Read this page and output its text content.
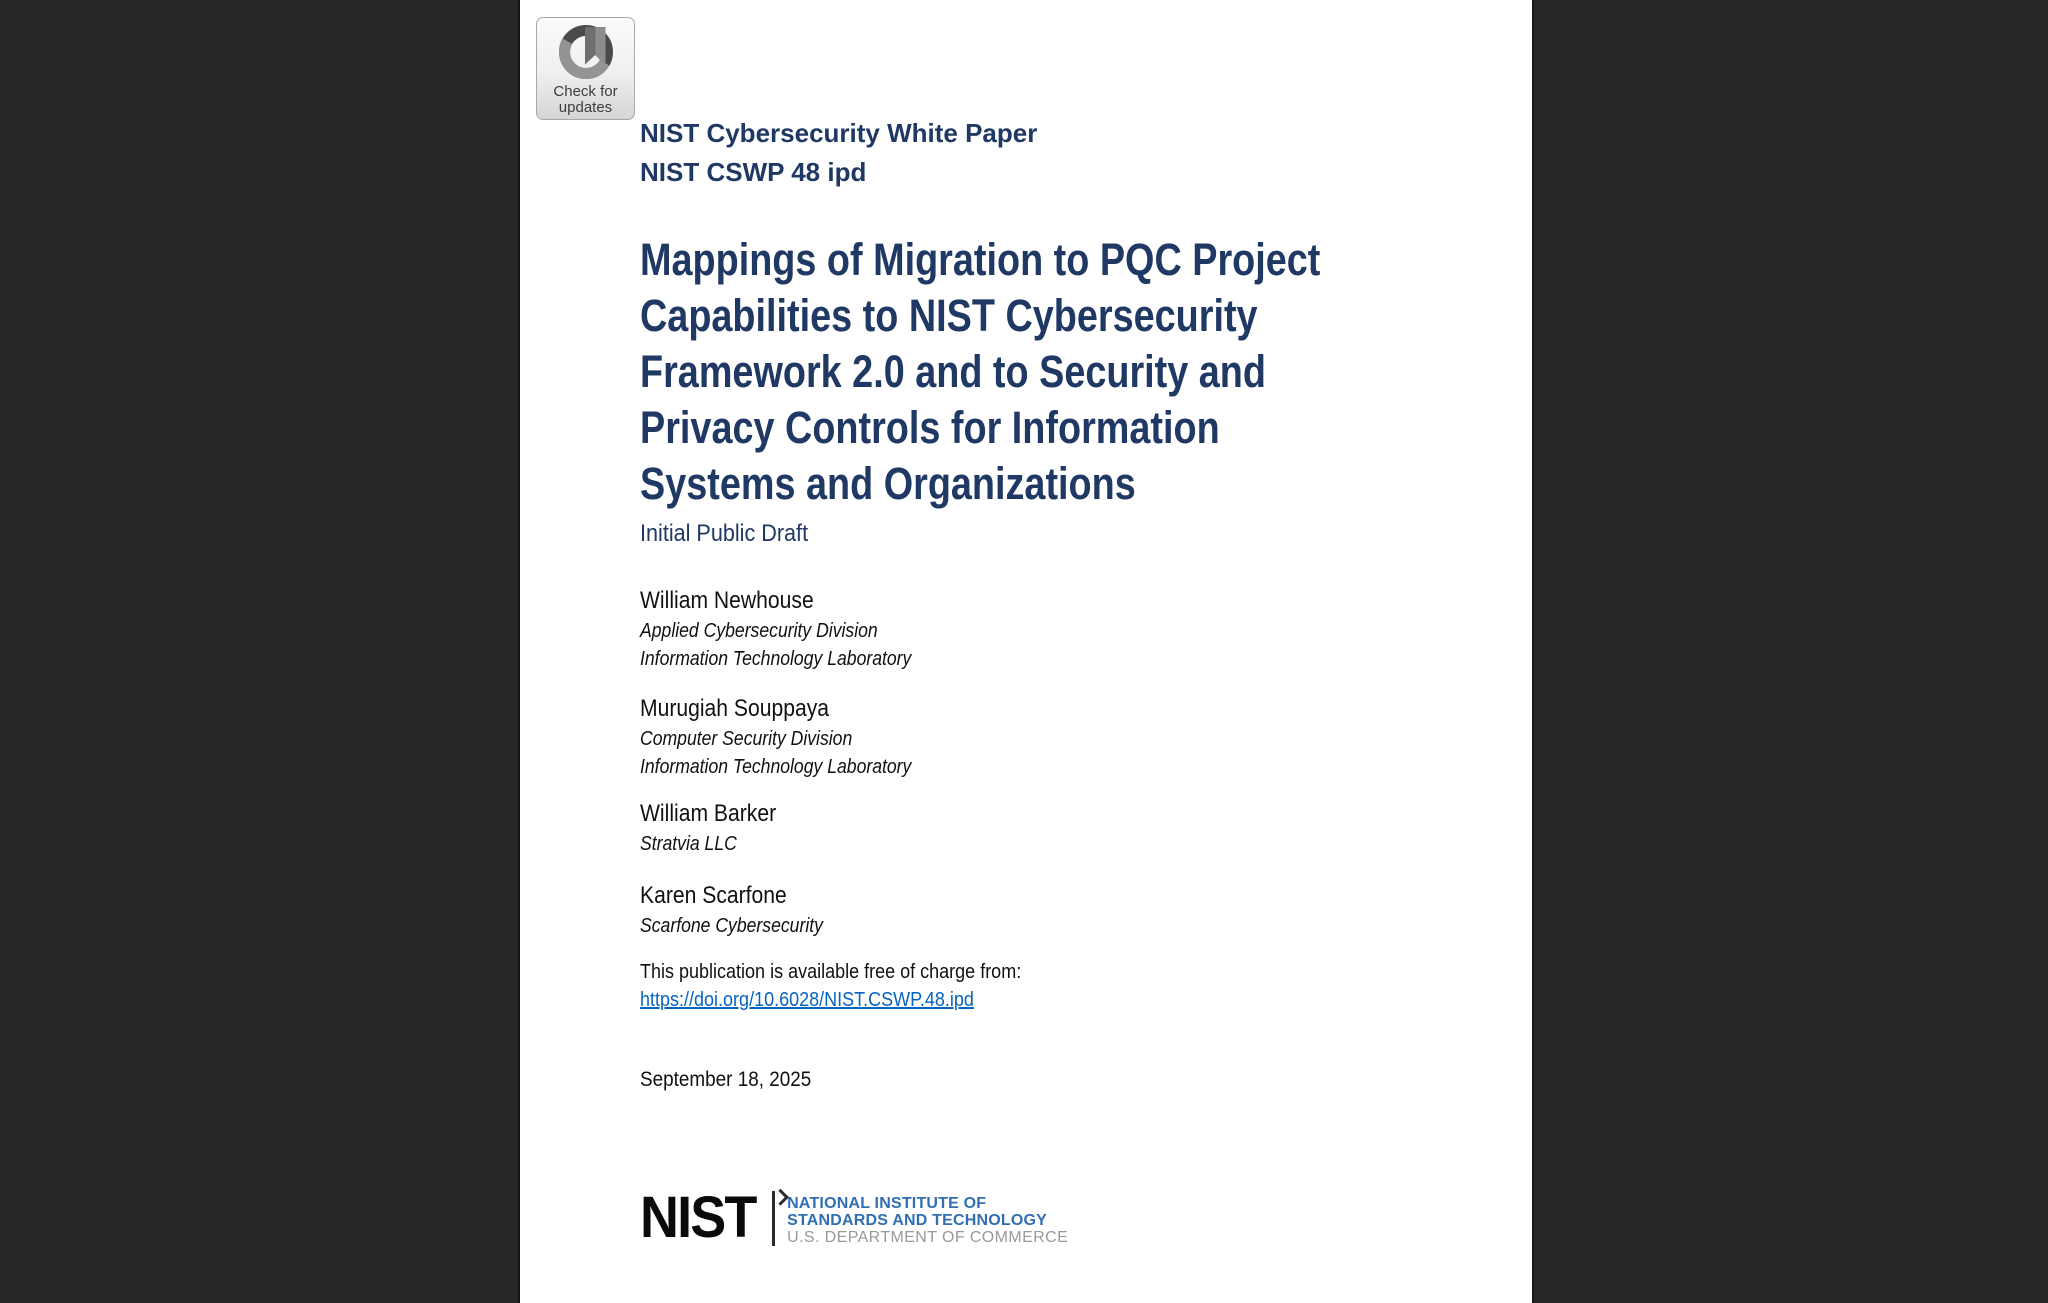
Check for
updates
NIST Cybersecurity White Paper
NIST CSWP 48 ipd
Mappings of Migration to PQC Project
Capabilities to NIST Cybersecurity
Framework 2.0 and to Security and
Privacy Controls for Information
Systems and Organizations
Initial Public Draft
William Newhouse
Applied Cybersecurity Division
Information Technology Laboratory
Murugiah Souppaya
Computer Security Division
Information Technology Laboratory
William Barker
Stratvia LLC
Karen Scarfone
Scarfone Cybersecurity
This publication is available free of charge from:
https://doi.org/10.6028/NIST.CSWP.48.ipd
September 18, 2025
NIST NATIONAL INSTITUTE OF
STANDARDS AND TECHNOLOGY
U.S. DEPARTMENT OF COMMERCE
